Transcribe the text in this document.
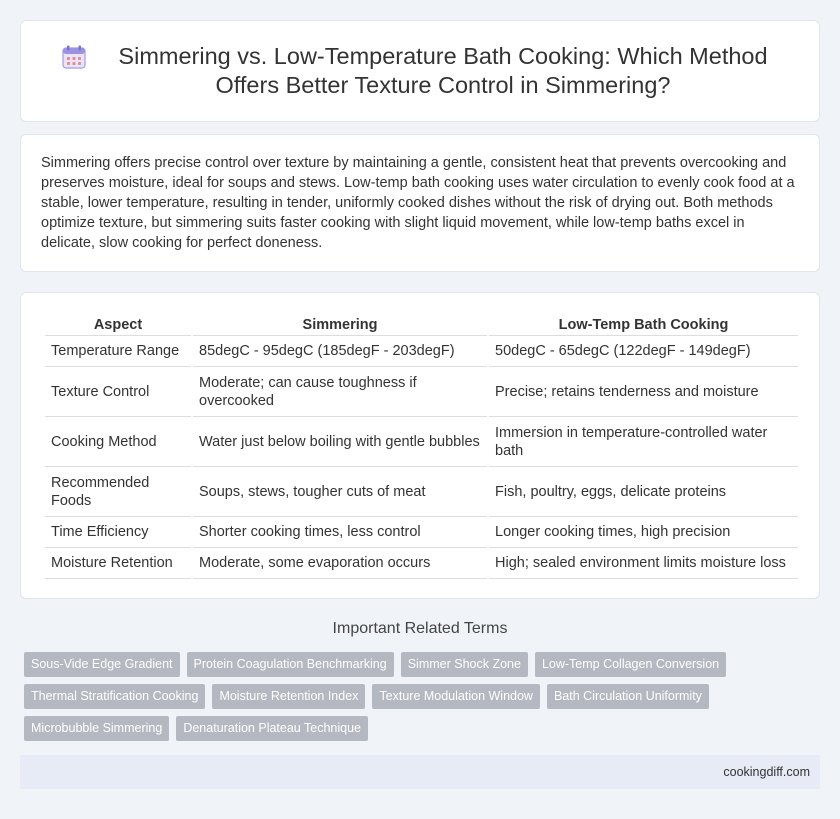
Simmering vs. Low-Temperature Bath Cooking: Which Method Offers Better Texture Control in Simmering?

Simmering offers precise control over texture by maintaining a gentle, consistent heat that prevents overcooking and preserves moisture, ideal for soups and stews. Low-temp bath cooking uses water circulation to evenly cook food at a stable, lower temperature, resulting in tender, uniformly cooked dishes without the risk of drying out. Both methods optimize texture, but simmering suits faster cooking with slight liquid movement, while low-temp baths excel in delicate, slow cooking for perfect doneness.

Aspect	Simmering	Low-Temp Bath Cooking
Temperature Range	85degC - 95degC (185degF - 203degF)	50degC - 65degC (122degF - 149degF)
Texture Control	Moderate; can cause toughness if overcooked	Precise; retains tenderness and moisture
Cooking Method	Water just below boiling with gentle bubbles	Immersion in temperature-controlled water bath
Recommended Foods	Soups, stews, tougher cuts of meat	Fish, poultry, eggs, delicate proteins
Time Efficiency	Shorter cooking times, less control	Longer cooking times, high precision
Moisture Retention	Moderate, some evaporation occurs	High; sealed environment limits moisture loss
Important Related Terms
Sous-Vide Edge Gradient	Protein Coagulation Benchmarking	Simmer Shock Zone	Low-Temp Collagen Conversion
Thermal Stratification Cooking	Moisture Retention Index	Texture Modulation Window	Bath Circulation Uniformity
Microbubble Simmering	Denaturation Plateau Technique
cookingdiff.com
